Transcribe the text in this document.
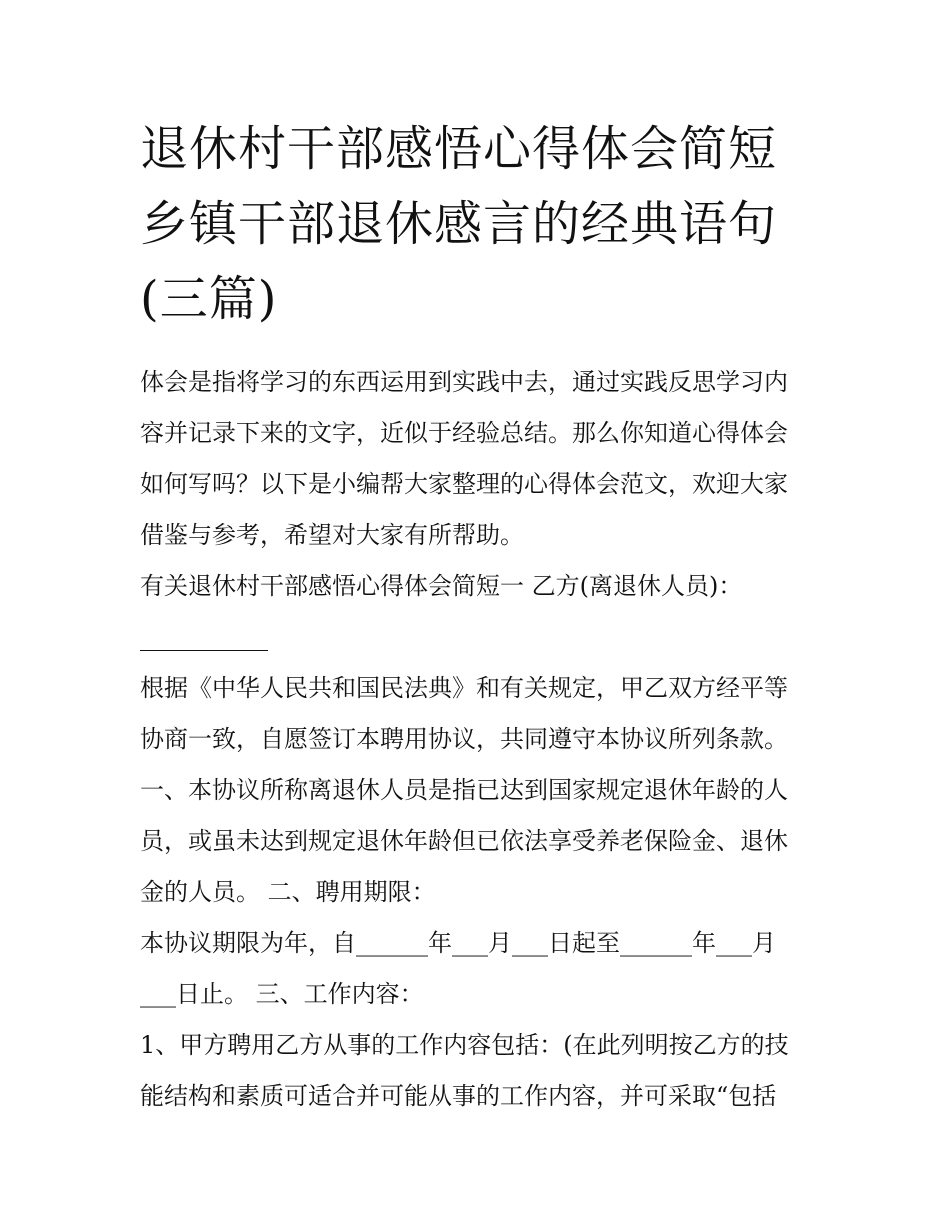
退休村干部感悟心得体会简短
乡镇干部退休感言的经典语句
(三篇)
体会是指将学习的东西运用到实践中去，通过实践反思学习内
容并记录下来的文字，近似于经验总结。那么你知道心得体会
如何写吗？以下是小编帮大家整理的心得体会范文，欢迎大家
借鉴与参考，希望对大家有所帮助。
有关退休村干部感悟心得体会简短一 乙方(离退休人员)：
根据《中华人民共和国民法典》和有关规定，甲乙双方经平等
协商一致，自愿签订本聘用协议，共同遵守本协议所列条款。
一、本协议所称离退休人员是指已达到国家规定退休年龄的人
员，或虽未达到规定退休年龄但已依法享受养老保险金、退休
金的人员。 二、聘用期限：
本协议期限为年，自______年___月___日起至______年___月
___日止。 三、工作内容：
1、甲方聘用乙方从事的工作内容包括：(在此列明按乙方的技
能结构和素质可适合并可能从事的工作内容，并可采取“包括
